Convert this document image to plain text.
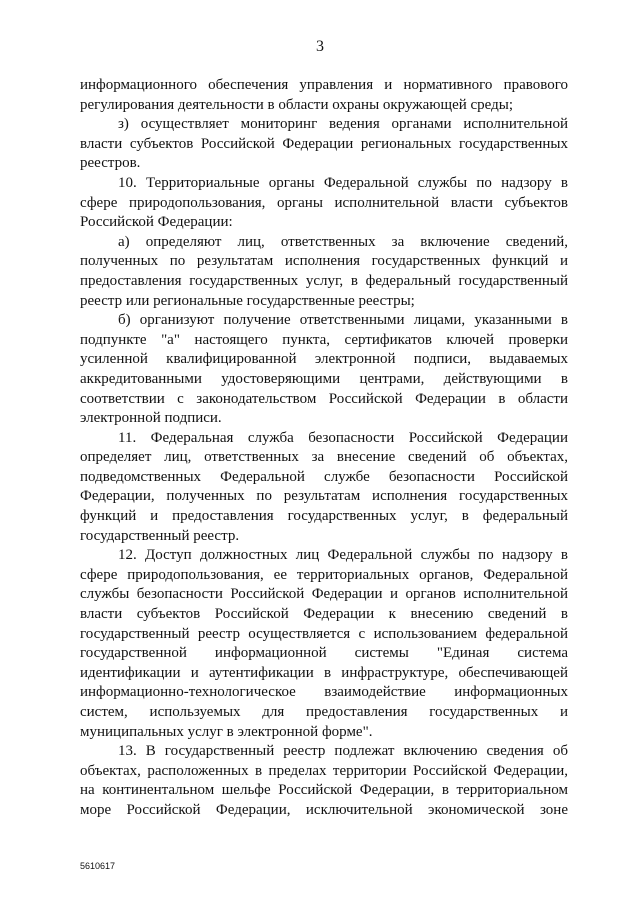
3

информационного обеспечения управления и нормативного правового регулирования деятельности в области охраны окружающей среды;

з) осуществляет мониторинг ведения органами исполнительной власти субъектов Российской Федерации региональных государственных реестров.

10. Территориальные органы Федеральной службы по надзору в сфере природопользования, органы исполнительной власти субъектов Российской Федерации:

а) определяют лиц, ответственных за включение сведений, полученных по результатам исполнения государственных функций и предоставления государственных услуг, в федеральный государственный реестр или региональные государственные реестры;

б) организуют получение ответственными лицами, указанными в подпункте "а" настоящего пункта, сертификатов ключей проверки усиленной квалифицированной электронной подписи, выдаваемых аккредитованными удостоверяющими центрами, действующими в соответствии с законодательством Российской Федерации в области электронной подписи.

11. Федеральная служба безопасности Российской Федерации определяет лиц, ответственных за внесение сведений об объектах, подведомственных Федеральной службе безопасности Российской Федерации, полученных по результатам исполнения государственных функций и предоставления государственных услуг, в федеральный государственный реестр.

12. Доступ должностных лиц Федеральной службы по надзору в сфере природопользования, ее территориальных органов, Федеральной службы безопасности Российской Федерации и органов исполнительной власти субъектов Российской Федерации к внесению сведений в государственный реестр осуществляется с использованием федеральной государственной информационной системы "Единая система идентификации и аутентификации в инфраструктуре, обеспечивающей информационно-технологическое взаимодействие информационных систем, используемых для предоставления государственных и муниципальных услуг в электронной форме".

13. В государственный реестр подлежат включению сведения об объектах, расположенных в пределах территории Российской Федерации, на континентальном шельфе Российской Федерации, в территориальном море Российской Федерации, исключительной экономической зоне

5610617
